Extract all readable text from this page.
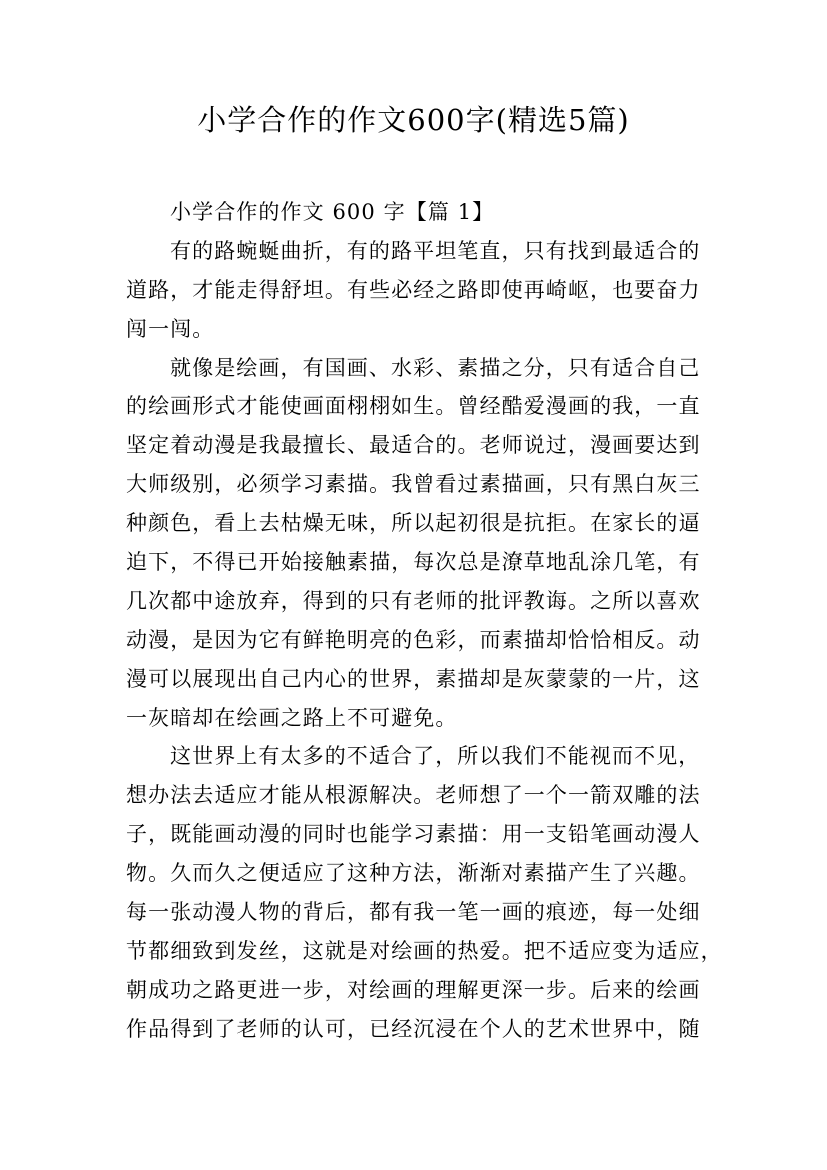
小学合作的作文600字(精选5篇)
小学合作的作文 600 字【篇 1】
有的路蜿蜒曲折，有的路平坦笔直，只有找到最适合的
道路，才能走得舒坦。有些必经之路即使再崎岖，也要奋力
闯一闯。
就像是绘画，有国画、水彩、素描之分，只有适合自己
的绘画形式才能使画面栩栩如生。曾经酷爱漫画的我，一直
坚定着动漫是我最擅长、最适合的。老师说过，漫画要达到
大师级别，必须学习素描。我曾看过素描画，只有黑白灰三
种颜色，看上去枯燥无味，所以起初很是抗拒。在家长的逼
迫下，不得已开始接触素描，每次总是潦草地乱涂几笔，有
几次都中途放弃，得到的只有老师的批评教诲。之所以喜欢
动漫，是因为它有鲜艳明亮的色彩，而素描却恰恰相反。动
漫可以展现出自己内心的世界，素描却是灰蒙蒙的一片，这
一灰暗却在绘画之路上不可避免。
这世界上有太多的不适合了，所以我们不能视而不见，
想办法去适应才能从根源解决。老师想了一个一箭双雕的法
子，既能画动漫的同时也能学习素描：用一支铅笔画动漫人
物。久而久之便适应了这种方法，渐渐对素描产生了兴趣。
每一张动漫人物的背后，都有我一笔一画的痕迹，每一处细
节都细致到发丝，这就是对绘画的热爱。把不适应变为适应，
朝成功之路更进一步，对绘画的理解更深一步。后来的绘画
作品得到了老师的认可，已经沉浸在个人的艺术世界中，随
